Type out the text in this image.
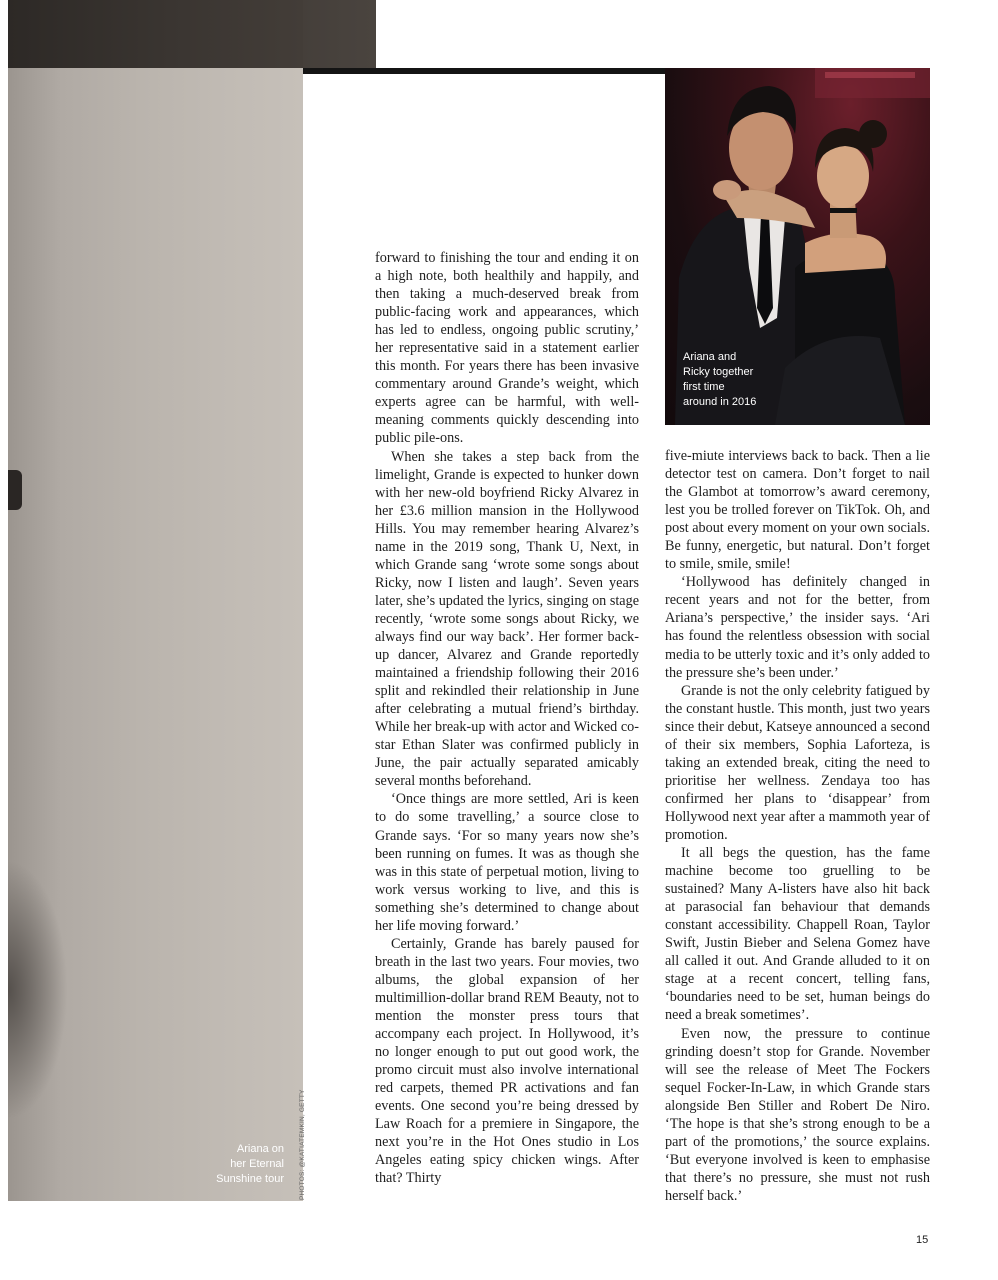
Ariana on
her Eternal
Sunshine tour PHOTOS: @KATIATEMKIN, GETTY
Ariana and
Ricky together
first time
around in 2016

forward to finishing the tour and ending it on a high note, both healthily and happily, and then taking a much-deserved break from public-facing work and appearances, which has led to endless, ongoing public scrutiny,’ her representative said in a statement earlier this month. For years there has been invasive commentary around Grande’s weight, which experts agree can be harmful, with well-meaning comments quickly descending into public pile-ons.

When she takes a step back from the limelight, Grande is expected to hunker down with her new-old boyfriend Ricky Alvarez in her £3.6 million mansion in the Hollywood Hills. You may remember hearing Alvarez’s name in the 2019 song, Thank U, Next, in which Grande sang ‘wrote some songs about Ricky, now I listen and laugh’. Seven years later, she’s updated the lyrics, singing on stage recently, ‘wrote some songs about Ricky, we always find our way back’. Her former back-up dancer, Alvarez and Grande reportedly maintained a friendship following their 2016 split and rekindled their relationship in June after celebrating a mutual friend’s birthday. While her break-up with actor and Wicked co-star Ethan Slater was confirmed publicly in June, the pair actually separated amicably several months beforehand.

‘Once things are more settled, Ari is keen to do some travelling,’ a source close to Grande says. ‘For so many years now she’s been running on fumes. It was as though she was in this state of perpetual motion, living to work versus working to live, and this is something she’s determined to change about her life moving forward.’

Certainly, Grande has barely paused for breath in the last two years. Four movies, two albums, the global expansion of her multimillion-dollar brand REM Beauty, not to mention the monster press tours that accompany each project. In Hollywood, it’s no longer enough to put out good work, the promo circuit must also involve international red carpets, themed PR activations and fan events. One second you’re being dressed by Law Roach for a premiere in Singapore, the next you’re in the Hot Ones studio in Los Angeles eating spicy chicken wings. After that? Thirty

five-miute interviews back to back. Then a lie detector test on camera. Don’t forget to nail the Glambot at tomorrow’s award ceremony, lest you be trolled forever on TikTok. Oh, and post about every moment on your own socials. Be funny, energetic, but natural. Don’t forget to smile, smile, smile!

‘Hollywood has definitely changed in recent years and not for the better, from Ariana’s perspective,’ the insider says. ‘Ari has found the relentless obsession with social media to be utterly toxic and it’s only added to the pressure she’s been under.’

Grande is not the only celebrity fatigued by the constant hustle. This month, just two years since their debut, Katseye announced a second of their six members, Sophia Laforteza, is taking an extended break, citing the need to prioritise her wellness. Zendaya too has confirmed her plans to ‘disappear’ from Hollywood next year after a mammoth year of promotion.

It all begs the question, has the fame machine become too gruelling to be sustained? Many A-listers have also hit back at parasocial fan behaviour that demands constant accessibility. Chappell Roan, Taylor Swift, Justin Bieber and Selena Gomez have all called it out. And Grande alluded to it on stage at a recent concert, telling fans, ‘boundaries need to be set, human beings do need a break sometimes’.

Even now, the pressure to continue grinding doesn’t stop for Grande. November will see the release of Meet The Fockers sequel Focker-In-Law, in which Grande stars alongside Ben Stiller and Robert De Niro. ‘The hope is that she’s strong enough to be a part of the promotions,’ the source explains. ‘But everyone involved is keen to emphasise that there’s no pressure, she must not rush herself back.’

15
